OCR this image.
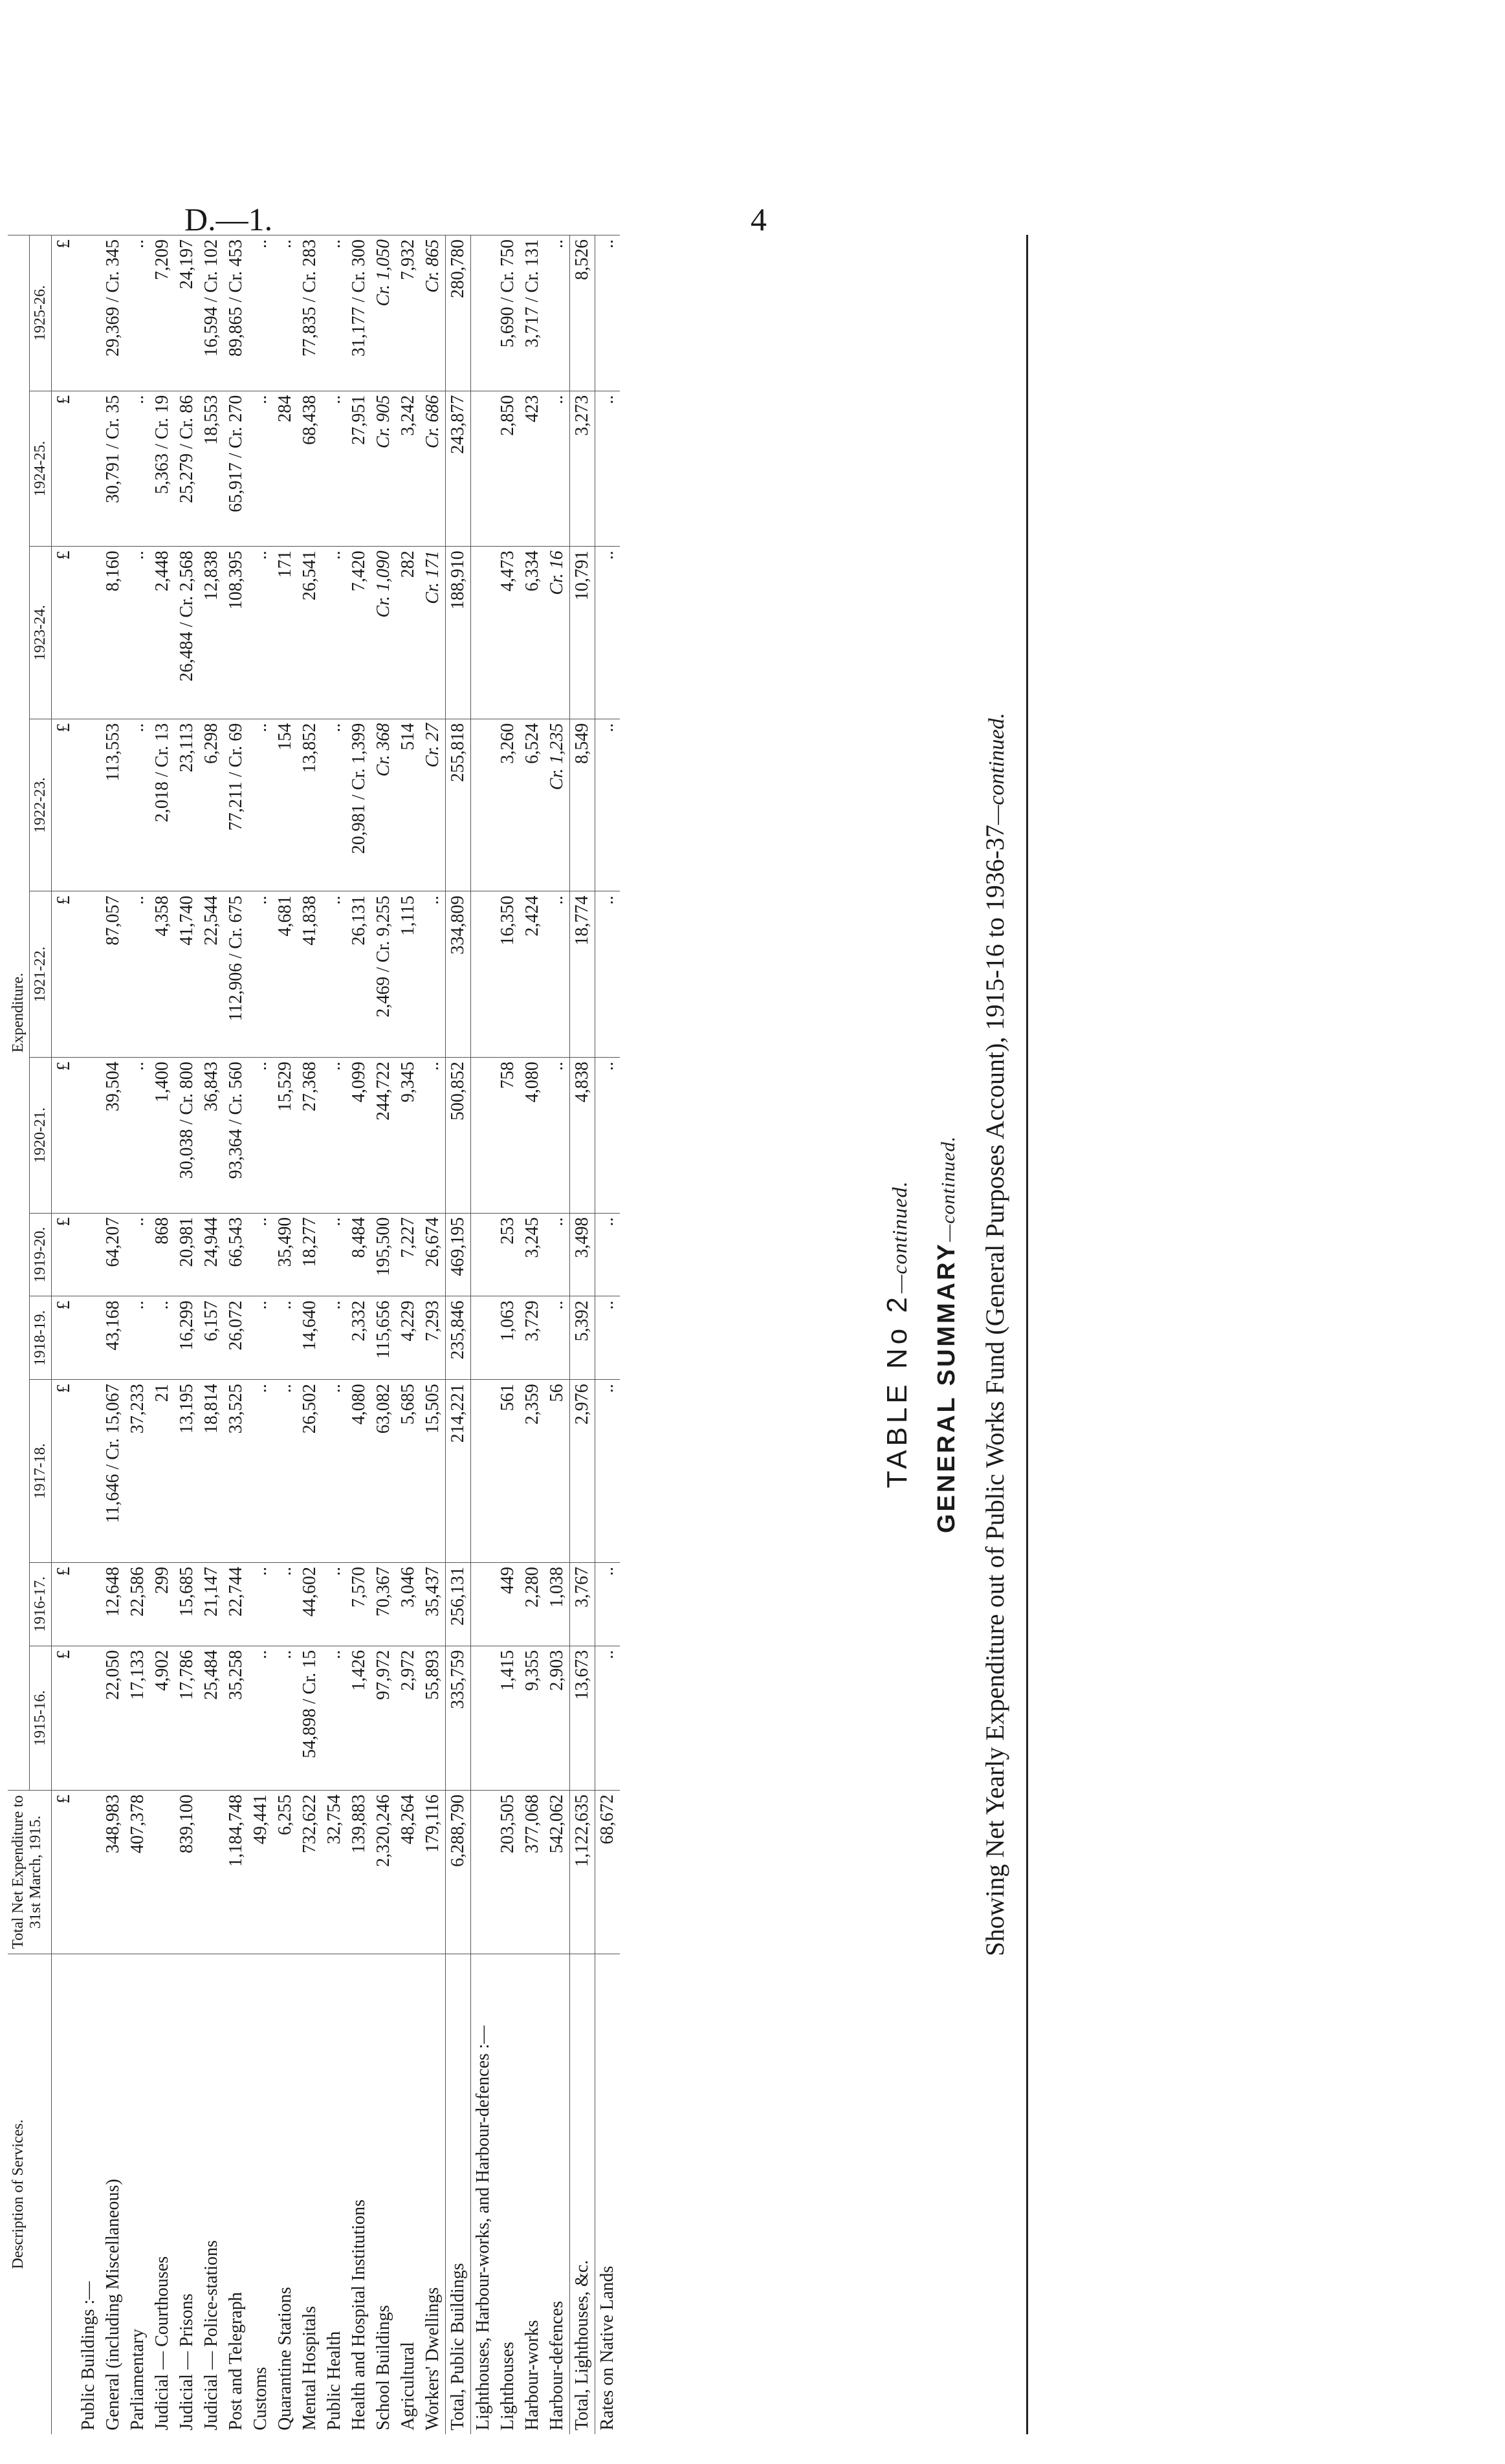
D.—1.	4
Description of Services.	Total Net Expenditure to 31st March, 1915.	Expenditure.										
		1915-16.	1916-17.	1917-18.	1918-19.	1919-20.	1920-21.	1921-22.	1922-23.	1923-24.	1924-25.	1925-26.
	£	£	£	£	£	£	£	£	£	£	£	£
Public Buildings :—												
General (including Miscellaneous)	348,983	22,050	12,648	11,646 / Cr. 15,067	43,168	64,207	39,504	87,057	113,553	8,160	30,791 / Cr. 35	29,369 / Cr. 345
Parliamentary	407,378	17,133	22,586	37,233	..	..	..	..	..	..	..	..
Judicial — Courthouses		4,902	299	21	..	868	1,400	4,358	2,018 / Cr. 13	2,448	5,363 / Cr. 19	7,209
Judicial — Prisons	839,100	17,786	15,685	13,195	16,299	20,981	30,038 / Cr. 800	41,740	23,113	26,484 / Cr. 2,568	25,279 / Cr. 86	24,197
Judicial — Police-stations		25,484	21,147	18,814	6,157	24,944	36,843	22,544	6,298	12,838	18,553	16,594 / Cr. 102
Post and Telegraph	1,184,748	35,258	22,744	33,525	26,072	66,543	93,364 / Cr. 560	112,906 / Cr. 675	77,211 / Cr. 69	108,395	65,917 / Cr. 270	89,865 / Cr. 453
Customs	49,441	..	..	..	..	..	..	..	..	..	..	..
Quarantine Stations	6,255	..	..	..	..	35,490	15,529	4,681	154	171	284	..
Mental Hospitals	732,622	54,898 / Cr. 15	44,602	26,502	14,640	18,277	27,368	41,838	13,852	26,541	68,438	77,835 / Cr. 283
Public Health	32,754	..	..	..	..	..	..	..	..	..	..	..
Health and Hospital Institutions	139,883	1,426	7,570	4,080	2,332	8,484	4,099	26,131	20,981 / Cr. 1,399	7,420	27,951	31,177 / Cr. 300
School Buildings	2,320,246	97,972	70,367	63,082	115,656	195,500	244,722	2,469 / Cr. 9,255	Cr. 368	Cr. 1,090	Cr. 905	Cr. 1,050
Agricultural	48,264	2,972	3,046	5,685	4,229	7,227	9,345	1,115	514	282	3,242	7,932
Workers' Dwellings	179,116	55,893	35,437	15,505	7,293	26,674	..	..	Cr. 27	Cr. 171	Cr. 686	Cr. 865
Total, Public Buildings	6,288,790	335,759	256,131	214,221	235,846	469,195	500,852	334,809	255,818	188,910	243,877	280,780
Lighthouses, Harbour-works, and Harbour-defences :—												
Lighthouses	203,505	1,415	449	561	1,063	253	758	16,350	3,260	4,473	2,850	5,690 / Cr. 750
Harbour-works	377,068	9,355	2,280	2,359	3,729	3,245	4,080	2,424	6,524	6,334	423	3,717 / Cr. 131
Harbour-defences	542,062	2,903	1,038	56	..	..	..	..	Cr. 1,235	Cr. 16	..	..
Total, Lighthouses, &c.	1,122,635	13,673	3,767	2,976	5,392	3,498	4,838	18,774	8,549	10,791	3,273	8,526
Rates on Native Lands	68,672	..	..	..	..	..	..	..	..	..	..	..
Showing Net Yearly Expenditure out of Public Works Fund (General Purposes Account), 1915-16 to 1936-37—continued.
GENERAL SUMMARY—continued.
TABLE No 2—continued.
